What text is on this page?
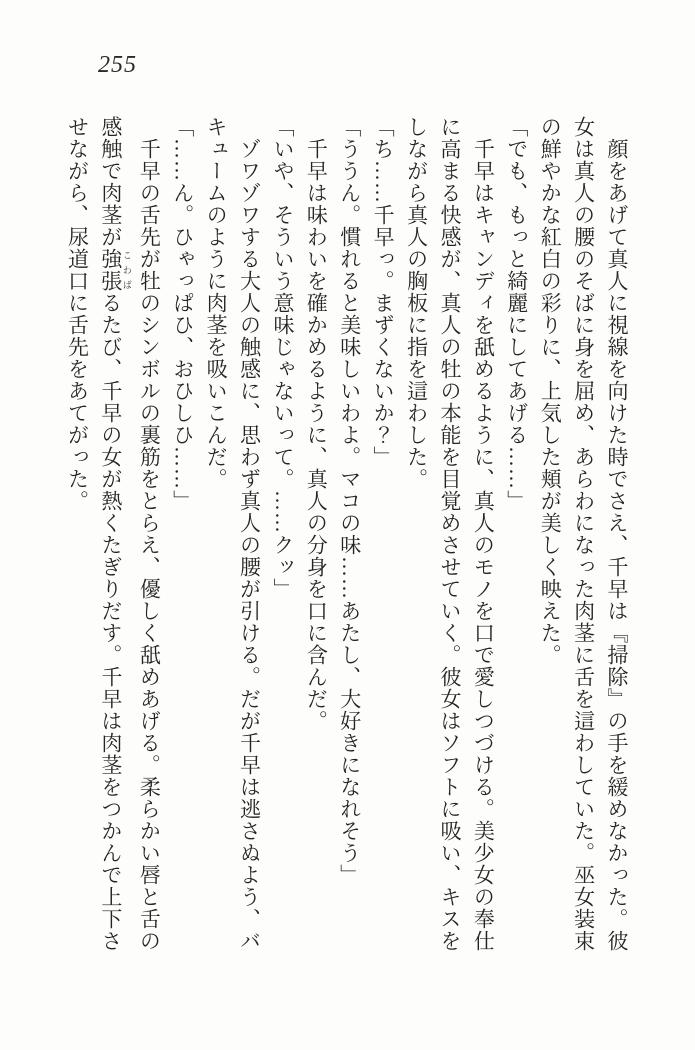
255
顔をあげて真人に視線を向けた時でさえ、千早は『掃除』の手を緩めなかった。彼
女は真人の腰のそばに身を屈め、あらわになった肉茎に舌を這わしていた。巫女装束
の鮮やかな紅白の彩りに、上気した頬が美しく映えた。
「でも、もっと綺麗にしてあげる……」
千早はキャンディを舐めるように、真人のモノを口で愛しつづける。美少女の奉仕
に高まる快感が、真人の牡の本能を目覚めさせていく。彼女はソフトに吸い、キスを
しながら真人の胸板に指を這わした。
「ち……千早っ。まずくないか？」
「ううん。慣れると美味しいわよ。マコの味……あたし、大好きになれそう」
千早は味わいを確かめるように、真人の分身を口に含んだ。
「いや、そういう意味じゃないって。……クッ」
ゾワゾワする大人の触感に、思わず真人の腰が引ける。だが千早は逃さぬよう、バ
キュームのように肉茎を吸いこんだ。
「……ん。ひゃっぱひ、おひしひ……」
千早の舌先が牡のシンボルの裏筋をとらえ、優しく舐めあげる。柔らかい唇と舌の
感触で肉茎が強張 こわばるたび、千早の女が熱くたぎりだす。千早は肉茎をつかんで上下さ
せながら、尿道口に舌先をあてがった。
